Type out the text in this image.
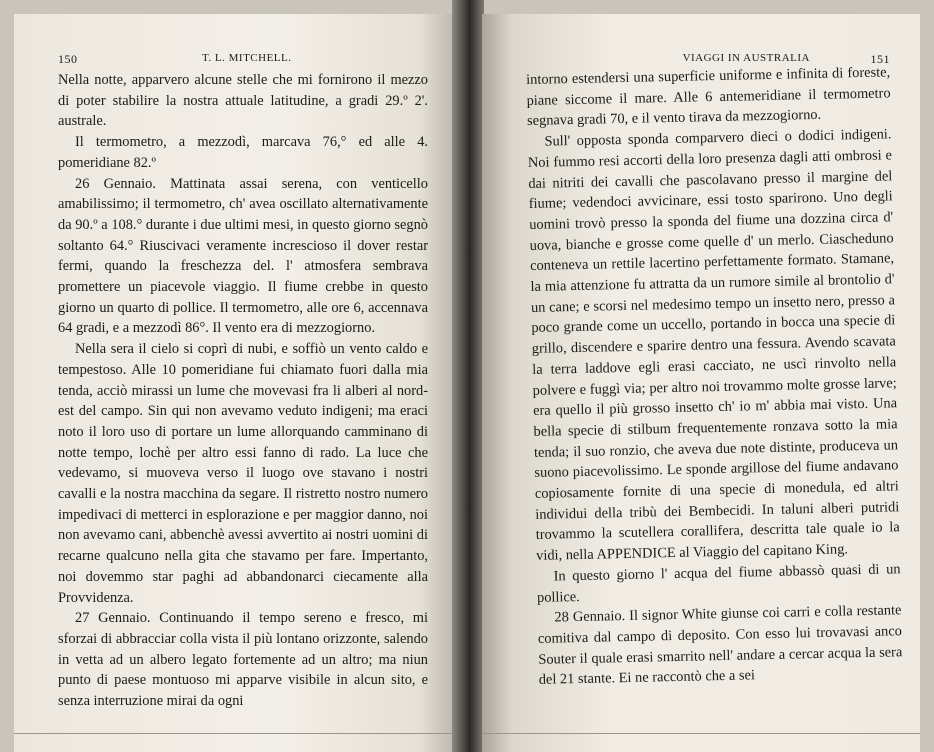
150	T. L. MITCHELL.

Nella notte, apparvero alcune stelle che mi fornirono il mezzo di poter stabilire la nostra attuale latitudine, a gradi 29.º 2'. australe.

Il termometro, a mezzodì, marcava 76,° ed alle 4. pomeridiane 82.º

26 Gennaio. Mattinata assai serena, con venticello amabilissimo; il termometro, ch' avea oscillato alternativamente da 90.º a 108.° durante i due ultimi mesi, in questo giorno segnò soltanto 64.° Riuscivaci veramente increscioso il dover restar fermi, quando la freschezza del. l' atmosfera sembrava promettere un piacevole viaggio. Il fiume crebbe in questo giorno un quarto di pollice. Il termometro, alle ore 6, accennava 64 gradi, e a mezzodì 86°. Il vento era di mezzogiorno.

Nella sera il cielo si coprì di nubi, e soffiò un vento caldo e tempestoso. Alle 10 pomeridiane fui chiamato fuori dalla mia tenda, acciò mirassi un lume che movevasi fra li alberi al nord-est del campo. Sin qui non avevamo veduto indigeni; ma eraci noto il loro uso di portare un lume allorquando camminano di notte tempo, lochè per altro essi fanno di rado. La luce che vedevamo, si muoveva verso il luogo ove stavano i nostri cavalli e la nostra macchina da segare. Il ristretto nostro numero impedivaci di metterci in esplorazione e per maggior danno, noi non avevamo cani, abbenchè avessi avvertito ai nostri uomini di recarne qualcuno nella gita che stavamo per fare. Impertanto, noi dovemmo star paghi ad abbandonarci ciecamente alla Provvidenza.

27 Gennaio. Continuando il tempo sereno e fresco, mi sforzai di abbracciar colla vista il più lontano orizzonte, salendo in vetta ad un albero legato fortemente ad un altro; ma niun punto di paese montuoso mi apparve visibile in alcun sito, e senza interruzione mirai da ogni

VIAGGI IN AUSTRALIA	151

intorno estendersi una superficie uniforme e infinita di foreste, piane siccome il mare. Alle 6 antemeridiane il termometro segnava gradi 70, e il vento tirava da mezzogiorno.

Sull' opposta sponda comparvero dieci o dodici indigeni. Noi fummo resi accorti della loro presenza dagli atti ombrosi e dai nitriti dei cavalli che pascolavano presso il margine del fiume; vedendoci avvicinare, essi tosto sparirono. Uno degli uomini trovò presso la sponda del fiume una dozzina circa d' uova, bianche e grosse come quelle d' un merlo. Ciascheduno conteneva un rettile lacertino perfettamente formato. Stamane, la mia attenzione fu attratta da un rumore simile al brontolio d' un cane; e scorsi nel medesimo tempo un insetto nero, presso a poco grande come un uccello, portando in bocca una specie di grillo, discendere e sparire dentro una fessura. Avendo scavata la terra laddove egli erasi cacciato, ne uscì rinvolto nella polvere e fuggì via; per altro noi trovammo molte grosse larve; era quello il più grosso insetto ch' io m' abbia mai visto. Una bella specie di stilbum frequentemente ronzava sotto la mia tenda; il suo ronzio, che aveva due note distinte, produceva un suono piacevolissimo. Le sponde argillose del fiume andavano copiosamente fornite di una specie di monedula, ed altri individui della tribù dei Bembecidi. In taluni alberi putridi trovammo la scutellera corallifera, descritta tale quale io la vidi, nella APPENDICE al Viaggio del capitano King.

In questo giorno l' acqua del fiume abbassò quasi di un pollice.

28 Gennaio. Il signor White giunse coi carri e colla restante comitiva dal campo di deposito. Con esso lui trovavasi anco Souter il quale erasi smarrito nell' andare a cercar acqua la sera del 21 stante. Ei ne raccontò che a sei
